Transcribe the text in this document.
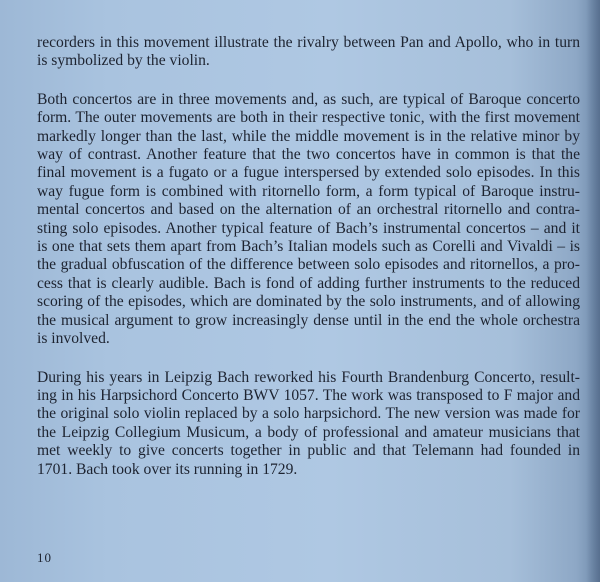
recorders in this movement illustrate the rivalry between Pan and Apollo, who in turn
is symbolized by the violin.

Both concertos are in three movements and, as such, are typical of Baroque concerto
form. The outer movements are both in their respective tonic, with the first movement
markedly longer than the last, while the middle movement is in the relative minor by
way of contrast. Another feature that the two concertos have in common is that the
final movement is a fugato or a fugue interspersed by extended solo episodes. In this
way fugue form is combined with ritornello form, a form typical of Baroque instru-
mental concertos and based on the alternation of an orchestral ritornello and contra-
sting solo episodes. Another typical feature of Bach’s instrumental concertos – and it
is one that sets them apart from Bach’s Italian models such as Corelli and Vivaldi – is
the gradual obfuscation of the difference between solo episodes and ritornellos, a pro-
cess that is clearly audible. Bach is fond of adding further instruments to the reduced
scoring of the episodes, which are dominated by the solo instruments, and of allowing
the musical argument to grow increasingly dense until in the end the whole orchestra
is involved.

During his years in Leipzig Bach reworked his Fourth Brandenburg Concerto, result-
ing in his Harpsichord Concerto BWV 1057. The work was transposed to F major and
the original solo violin replaced by a solo harpsichord. The new version was made for
the Leipzig Collegium Musicum, a body of professional and amateur musicians that
met weekly to give concerts together in public and that Telemann had founded in
1701. Bach took over its running in 1729.

10
